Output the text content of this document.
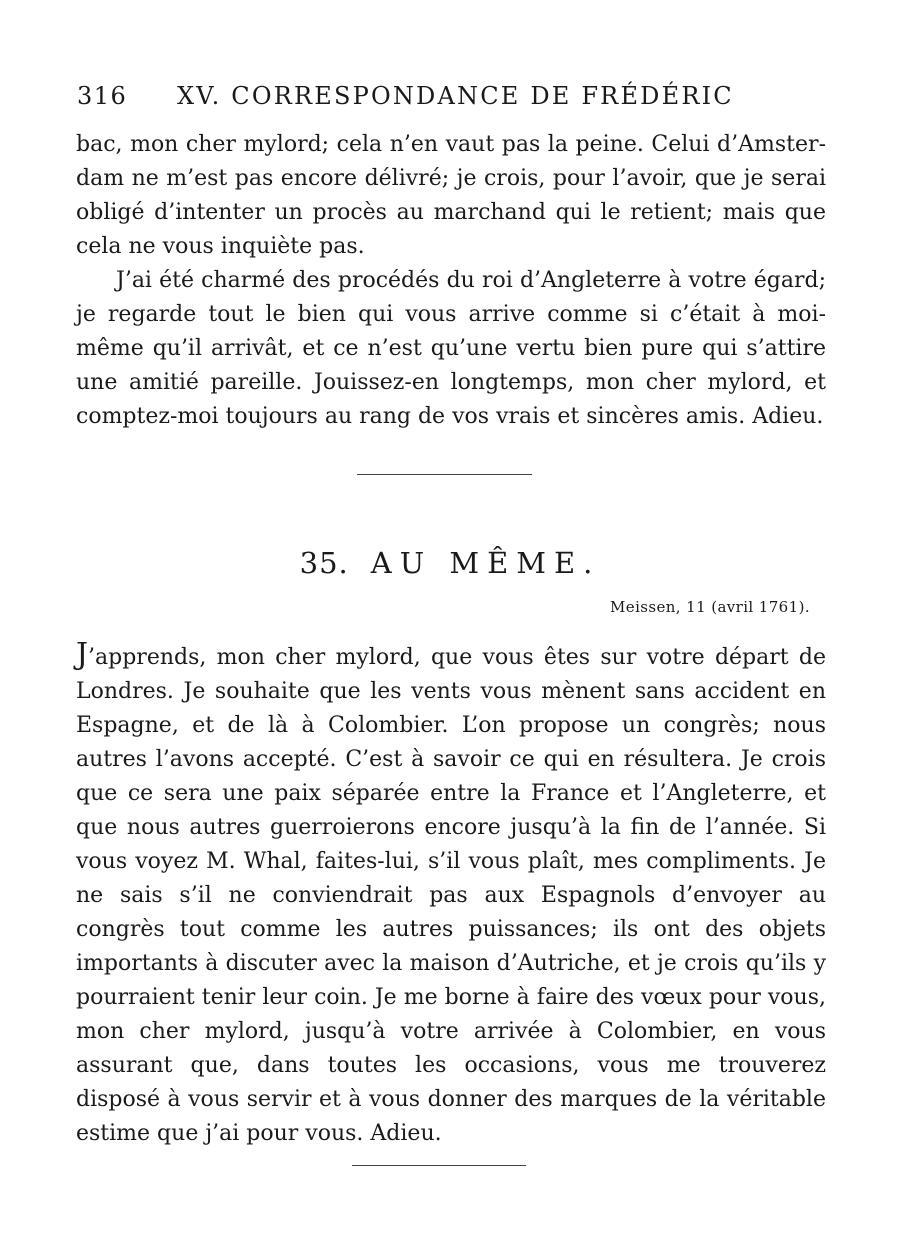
316 XV. CORRESPONDANCE DE FRÉDÉRIC

bac, mon cher mylord; cela n’en vaut pas la peine. Celui d’Amsterdam ne m’est pas encore délivré; je crois, pour l’avoir, que je serai obligé d’intenter un procès au marchand qui le retient; mais que cela ne vous inquiète pas.

J’ai été charmé des procédés du roi d’Angleterre à votre égard; je regarde tout le bien qui vous arrive comme si c’était à moi-même qu’il arrivât, et ce n’est qu’une vertu bien pure qui s’attire une amitié pareille. Jouissez-en longtemps, mon cher mylord, et comptez-moi toujours au rang de vos vrais et sincères amis. Adieu.

35. AU MÊME.
Meissen, 11 (avril 1761).

J’apprends, mon cher mylord, que vous êtes sur votre départ de Londres. Je souhaite que les vents vous mènent sans accident en Espagne, et de là à Colombier. L’on propose un congrès; nous autres l’avons accepté. C’est à savoir ce qui en résultera. Je crois que ce sera une paix séparée entre la France et l’Angleterre, et que nous autres guerroierons encore jusqu’à la fin de l’année. Si vous voyez M. Whal, faites-lui, s’il vous plaît, mes compliments. Je ne sais s’il ne conviendrait pas aux Espagnols d’envoyer au congrès tout comme les autres puissances; ils ont des objets importants à discuter avec la maison d’Autriche, et je crois qu’ils y pourraient tenir leur coin. Je me borne à faire des vœux pour vous, mon cher mylord, jusqu’à votre arrivée à Colombier, en vous assurant que, dans toutes les occasions, vous me trouverez disposé à vous servir et à vous donner des marques de la véritable estime que j’ai pour vous. Adieu.
